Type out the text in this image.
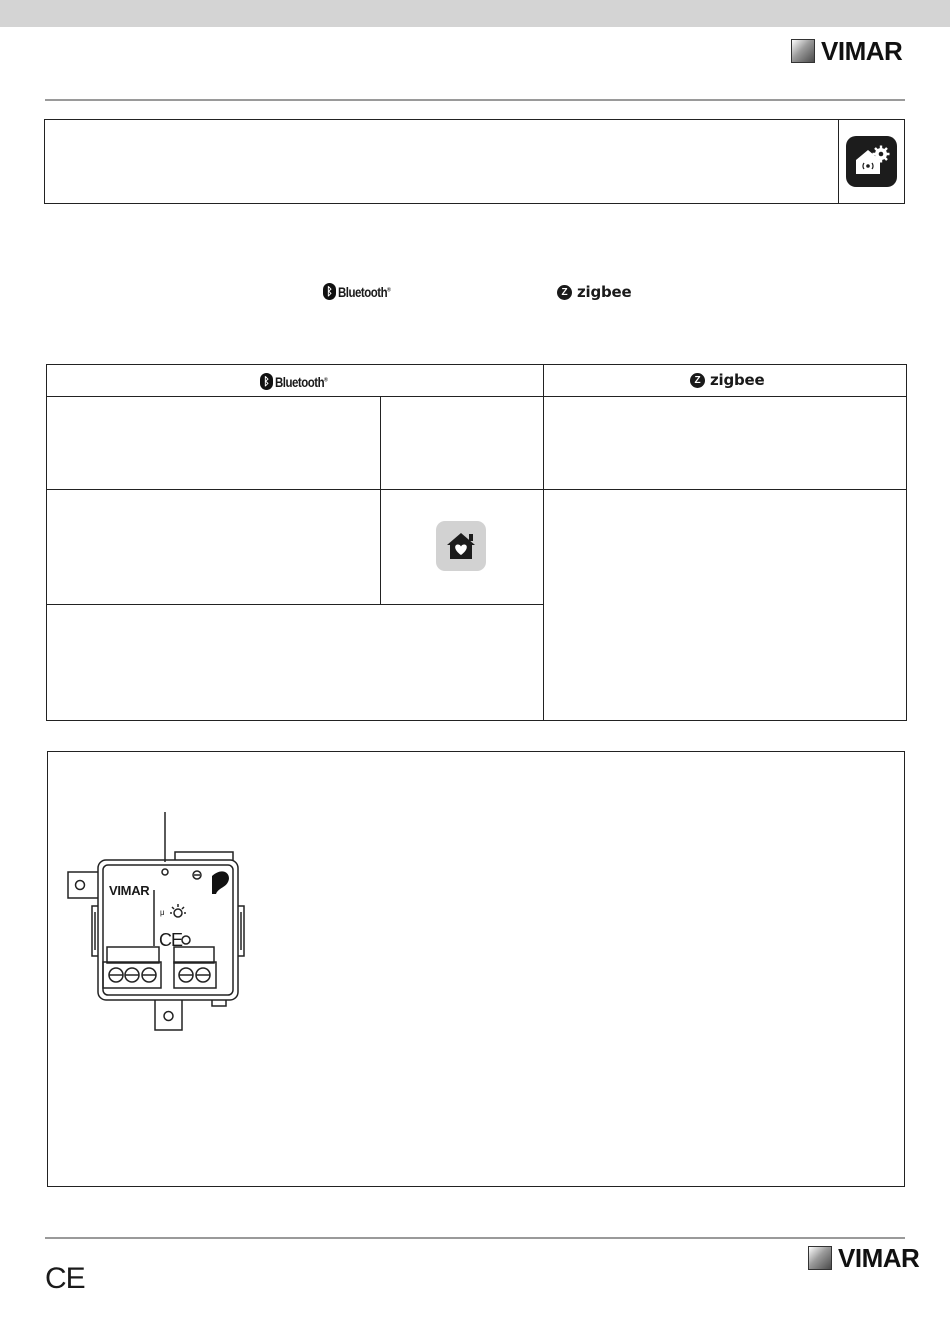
VIMAR
ᛒ Bluetooth®	Z zigbee
ᛒ Bluetooth®	Z zigbee
VIMAR
μ
CE
CE
VIMAR
